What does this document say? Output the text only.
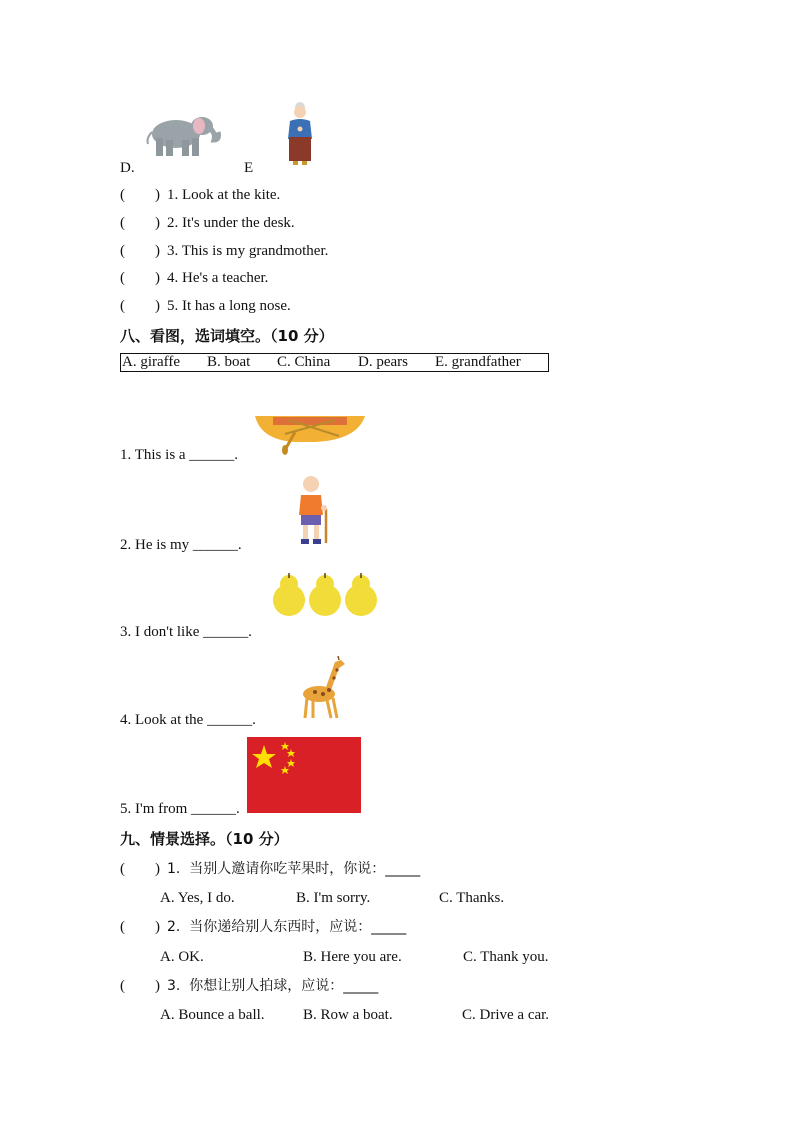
D.	E
(        ) 1. Look at the kite.
(        ) 2. It's under the desk.
(        ) 3. This is my grandmother.
(        ) 4. He's a teacher.
(        ) 5. It has a long nose.
八、看图，选词填空。（10 分）
A. giraffe B. boat C. China D. pears E. grandfather
1. This is a ______.
2. He is my ______.
3. I don't like ______.
4. Look at the ______.
5. I'm from ______.
九、情景选择。（10 分）
(        ) 1.  当别人邀请你吃苹果时，你说：_____
A. Yes, I do.	B. I'm sorry.	C. Thanks.
(        ) 2.  当你递给别人东西时，应说：_____
A. OK.	B. Here you are.	C. Thank you.
(        ) 3.  你想让别人拍球，应说：_____
A. Bounce a ball.	B. Row a boat.	C. Drive a car.
